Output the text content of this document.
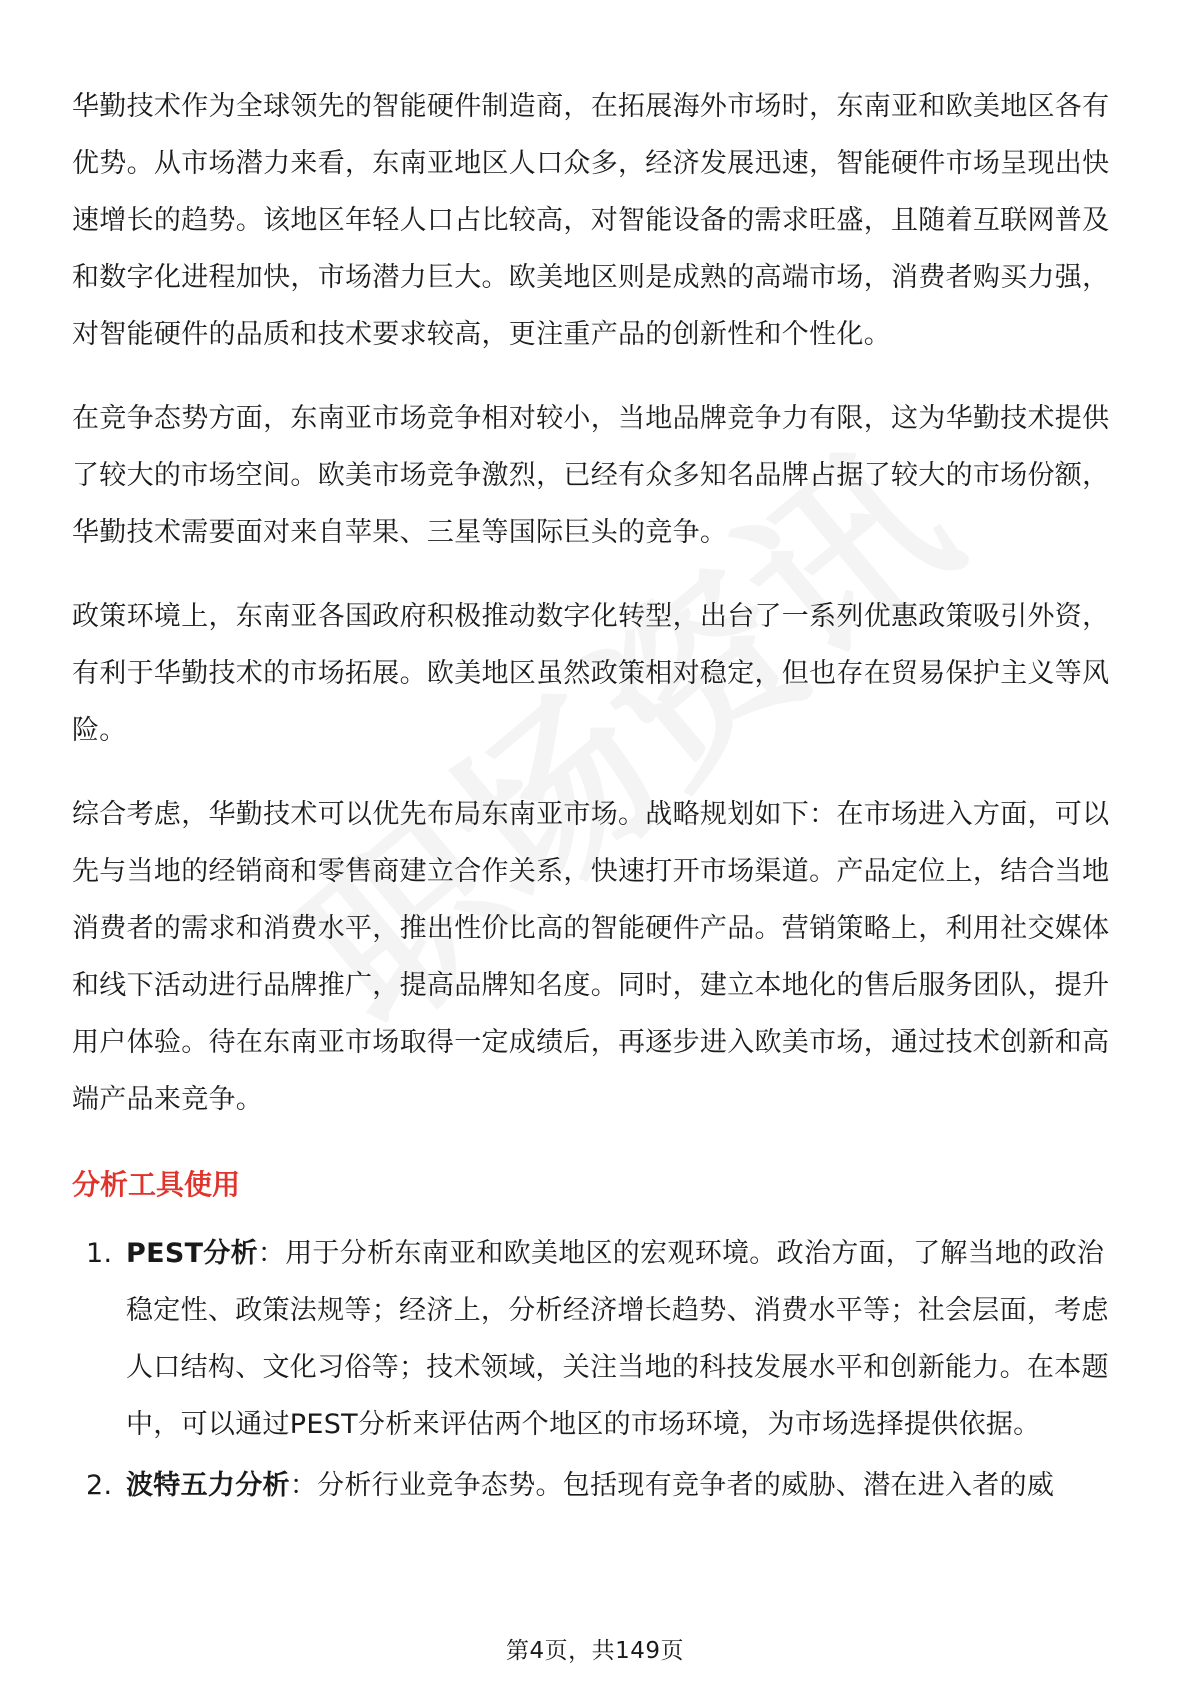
华勤技术作为全球领先的智能硬件制造商，在拓展海外市场时，东南亚和欧美地区各有优势。从市场潜力来看，东南亚地区人口众多，经济发展迅速，智能硬件市场呈现出快速增长的趋势。该地区年轻人口占比较高，对智能设备的需求旺盛，且随着互联网普及和数字化进程加快，市场潜力巨大。欧美地区则是成熟的高端市场，消费者购买力强，对智能硬件的品质和技术要求较高，更注重产品的创新性和个性化。

在竞争态势方面，东南亚市场竞争相对较小，当地品牌竞争力有限，这为华勤技术提供了较大的市场空间。欧美市场竞争激烈，已经有众多知名品牌占据了较大的市场份额，华勤技术需要面对来自苹果、三星等国际巨头的竞争。

政策环境上，东南亚各国政府积极推动数字化转型，出台了一系列优惠政策吸引外资，有利于华勤技术的市场拓展。欧美地区虽然政策相对稳定，但也存在贸易保护主义等风险。

综合考虑，华勤技术可以优先布局东南亚市场。战略规划如下：在市场进入方面，可以先与当地的经销商和零售商建立合作关系，快速打开市场渠道。产品定位上，结合当地消费者的需求和消费水平，推出性价比高的智能硬件产品。营销策略上，利用社交媒体和线下活动进行品牌推广，提高品牌知名度。同时，建立本地化的售后服务团队，提升用户体验。待在东南亚市场取得一定成绩后，再逐步进入欧美市场，通过技术创新和高端产品来竞争。

分析工具使用
1. PEST分析：用于分析东南亚和欧美地区的宏观环境。政治方面，了解当地的政治稳定性、政策法规等；经济上，分析经济增长趋势、消费水平等；社会层面，考虑人口结构、文化习俗等；技术领域，关注当地的科技发展水平和创新能力。在本题中，可以通过PEST分析来评估两个地区的市场环境，为市场选择提供依据。
2. 波特五力分析：分析行业竞争态势。包括现有竞争者的威胁、潜在进入者的威
第4页，共149页
